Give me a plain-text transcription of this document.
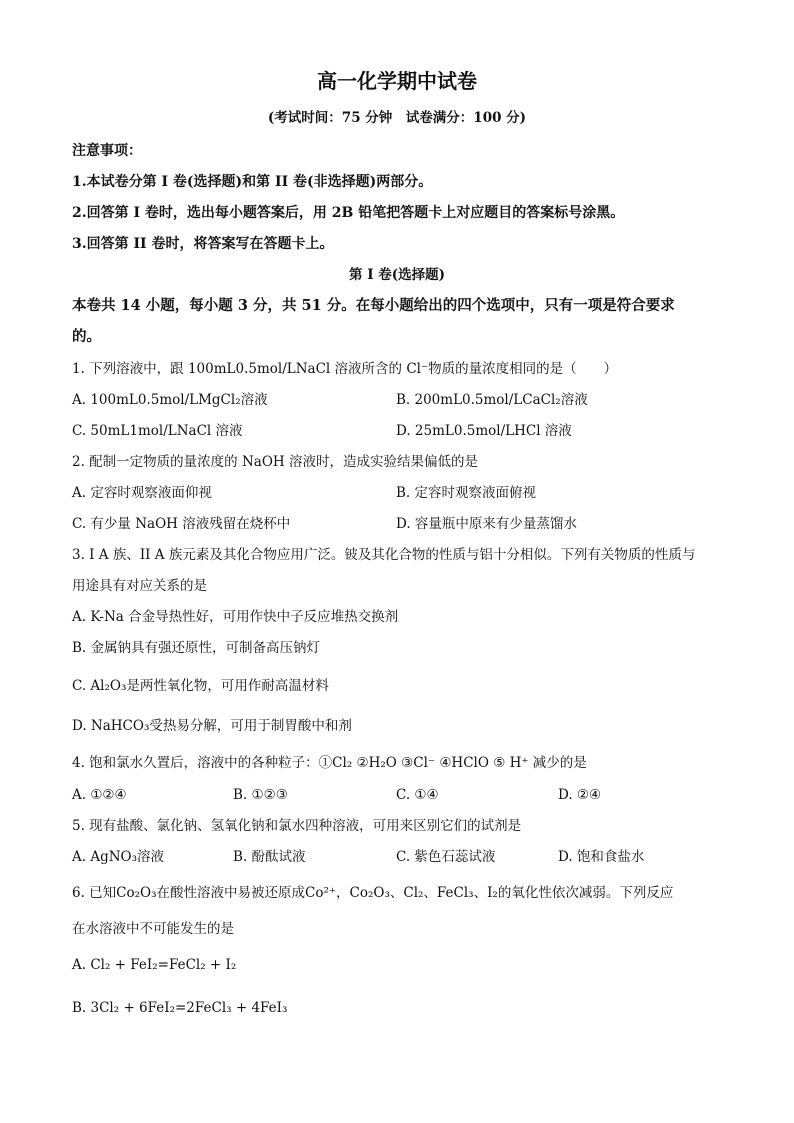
高一化学期中试卷
(考试时间：75 分钟　试卷满分：100 分)
注意事项：
1.本试卷分第 I 卷(选择题)和第 II 卷(非选择题)两部分。
2.回答第 I 卷时，选出每小题答案后，用 2B 铅笔把答题卡上对应题目的答案标号涂黑。
3.回答第 II 卷时，将答案写在答题卡上。
第 I 卷(选择题)
本卷共 14 小题，每小题 3 分，共 51 分。在每小题给出的四个选项中，只有一项是符合要求
的。
1. 下列溶液中，跟 100mL0.5mol/LNaCl 溶液所含的 Cl⁻物质的量浓度相同的是（　　）
A. 100mL0.5mol/LMgCl₂溶液	B. 200mL0.5mol/LCaCl₂溶液
C. 50mL1mol/LNaCl 溶液	D. 25mL0.5mol/LHCl 溶液
2. 配制一定物质的量浓度的 NaOH 溶液时，造成实验结果偏低的是
A. 定容时观察液面仰视	B. 定容时观察液面俯视
C. 有少量 NaOH 溶液残留在烧杯中	D. 容量瓶中原来有少量蒸馏水
3. I A 族、II A 族元素及其化合物应用广泛。铍及其化合物的性质与铝十分相似。下列有关物质的性质与
用途具有对应关系的是
A. K-Na 合金导热性好，可用作快中子反应堆热交换剂
B. 金属钠具有强还原性，可制备高压钠灯
C. Al₂O₃是两性氧化物，可用作耐高温材料
D. NaHCO₃受热易分解，可用于制胃酸中和剂
4. 饱和氯水久置后，溶液中的各种粒子：①Cl₂ ②H₂O ③Cl⁻ ④HClO ⑤ H⁺ 减少的是
A. ①②④	B. ①②③	C. ①④	D. ②④
5. 现有盐酸、氯化钠、氢氧化钠和氯水四种溶液，可用来区别它们的试剂是
A. AgNO₃溶液	B. 酚酞试液	C. 紫色石蕊试液	D. 饱和食盐水
6. 已知Co₂O₃在酸性溶液中易被还原成Co²⁺，Co₂O₃、Cl₂、FeCl₃、I₂的氧化性依次减弱。下列反应
在水溶液中不可能发生的是
A. Cl₂ + FeI₂=FeCl₂ + I₂
B. 3Cl₂ + 6FeI₂=2FeCl₃ + 4FeI₃
